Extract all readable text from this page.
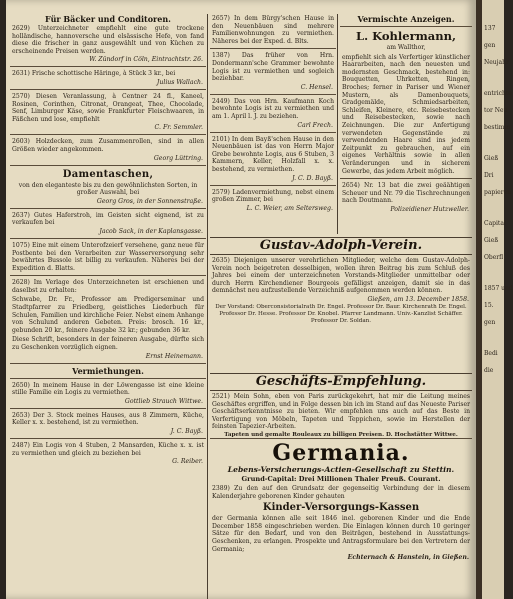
Für Bäcker und Conditoren.

2629) Unterzeichneter empfiehlt eine gute trockene holländische, hannoversche und elsässische Hefe, von fand diese die frischer in ganz ausgewählt und von Küchen zu erscheinende Preisen werden.

W. Zündorf in Cöln, Eintrachtstr. 26.

2631) Frische schottische Häringe, à Stück 3 kr., bei

Julius Wallach.

2570) Diesen Veranlassung, à Centner 24 fl., Kaneel, Rosinen, Corinthen, Citronat, Orangeat, Thee, Chocolade, Senf, Limburger Käse, sowie Frankfurter Fleischwaaren, in Fäßchen und lose, empfiehlt

C. Fr. Semmler.

2603) Holzdecken, zum Zusammenrollen, sind in allen Größen wieder angekommen.

Georg Lüttring.

Damentaschen,

von den eleganteste bis zu den gewöhnlichsten Sorten, in großer Auswahl, bei

Georg Gros, in der Sonnenstraße.

2637) Gutes Haferstroh, im Geisten sicht eignend, ist zu verkaufen bei

Jacob Sack, in der Kaplansgasse.

1075) Eine mit einem Unterofzeierf versehene, ganz neue für Postbente bei den Verarbeiten zur Wasserversorgung sehr bewährtes Bussole ist billig zu verkaufen. Näheres bei der Expedition d. Blatts.

2628) Im Verlage des Unterzeichneten ist erschienen und daselbst zu erhalten:

Schwabe, Dr. Fr., Professor am Predigerseminar und Stadtpfarrer zu Friedberg, geistliches Liederbuch für Schulen, Familien und kirchliche Feier. Nebst einem Anhange von Schulund anderen Gebeten. Preis: brosch. 16 kr., gebunden 20 kr., feinere Ausgabe 32 kr.; gebunden 36 kr.

Diese Schrift, besonders in der feineren Ausgabe, dürfte sich zu Geschenken vorzüglich eignen.

Ernst Heinemann.

Vermiethungen.

2650) In meinem Hause in der Löwengasse ist eine kleine stille Familie ein Logis zu vermiethen.

Gottlieb Strauch Wittwe.

2653) Der 3. Stock meines Hauses, aus 8 Zimmern, Küche, Keller x. x. bestehend, ist zu vermiethen.

J. C. Bayß.

2487) Ein Logis von 4 Stuben, 2 Mansarden, Küche x. x. ist zu vermiethen und gleich zu beziehen bei

G. Reiber.

2657) In dem Bürgy'schen Hause in den Neuenbäuen sind mehrere Familienwohnungen zu vermiethen. Näheres bei der Exped. d. Blts.

1387) Das früher von Hrn. Dondermann'sche Grammer bewohnte Logis ist zu vermiethen und sogleich beziehbar.

C. Hensel.

2449) Das von Hrn. Kaufmann Koch bewohnte Logis ist zu vermiethen und am 1. April l. J. zu beziehen.

Carl Frech.

2101) In dem Bayß'schen Hause in den Neuenbäuen ist das von Herrn Major Grebe bewohnte Logis, aus 6 Stuben, 3 Kammern, Keller, Holzfall x. x. bestehend, zu vermiethen.

J. C. D. Bayß.

2579) Ladenvermiethung, nebst einem großen Zimmer, bei

L. C. Weier, am Seltersweg.

Vermischte Anzeigen.
L. Kohlermann,

am Wallthor,

empfiehlt sich als Verfertiger künstlicher Haararbeiten, nach den neuesten und modernsten Geschmack, bestehend in: Bouquetten, Uhrketten, Ringen, Broches; ferner in Pariser und Wiener Mustern, als Damenbouquets, Gradgemälde, Schmiedsarbeiten, Schleifen, Kleinere, etc. Reisebestecken und Reisebestecken, sowie nach Zeichnungen. Die zur Anfertigung verwendeten Gegenstände zu verwendenden Haare sind ins jedem Zeitpunkt zu gebrauchen, auf ein eigenes Verhältnis sowie in allen Veränderungen und in sicherem Gewerbe, das jedem Arbeit möglich.

2654) Nr. 13 bat die zwei geäähtigen Scheuer und Nr. 79 die Tischrechnungen nach Doutmann.

Polizeidiener Hutzweller.

Gustav-Adolph-Verein.

2635) Diejenigen unserer verehrlichen Mitglieder, welche dem Gustav-Adolph-Verein noch beigetreten desselbigen, wollen ihren Beitrag bis zum Schluß des Jahres bei einem der unterzeichneten Vorstands-Mitglieder unmittelbar oder durch Herrn Kirchendiener Bourgeois gefälligst anzeigen, damit sie in das demnächst neu aufzustellende Verzeichniß aufgenommen werden können.

Gießen, am 13. December 1858.

Der Vorstand: Oberconsistorialrath Dr. Engel. Professor Dr. Baur. Kirchenrath Dr. Engel. Professor Dr. Hesse. Professor Dr. Knobel. Pfarrer Landmann. Univ.-Kanzlist Schäffer. Professor Dr. Soldan.

Geschäfts-Empfehlung.

2521) Mein Sohn, eben von Paris zurückgekehrt, hat mir die Leitung meines Geschäftes ergriffen, und in Folge dessen bin ich im Stand auf das Neueste Pariser Geschäftserkenntnisse zu bieten. Wir empfehlen uns auch auf das Beste in Verfertigung von Möbeln, Tapeten und Teppichen, sowie im Herstellen der feinsten Tapezier-Arbeiten.

Tapeten und gemalte Rouleaux zu billigen Preisen. D. Hochstätter Wittwe.

Germania.
Lebens-Versicherungs-Actien-Gesellschaft zu Stettin.
Grund-Capital: Drei Millionen Thaler Preuß. Courant.

2389) Zu den auf den Grundsatz der gegenseitig Verbindung der in diesem Kalenderjahre geborenen Kinder gehauten

Kinder-Versorgungs-Kassen

der Germania können alle seit 1846 inel. geborenen Kinder und die Ende December 1858 eingeschrieben werden. Die Einlagen können durch 10 geringer Sätze für den Bedarf, und von den Beiträgen, bestehend in Ausstattungs-Geschenken, zu erlangen. Prospekte und Antragsformulare bei den Vertretern der Germania;

Echternach & Hanstein, in Gießen.

137
gen
Neujahr
entrichte
tor Neu
bestimm
Gieß
Dri
papieren
Capital
Gieß
Oberfl
1857 und
15.
gen
Bedi
die
